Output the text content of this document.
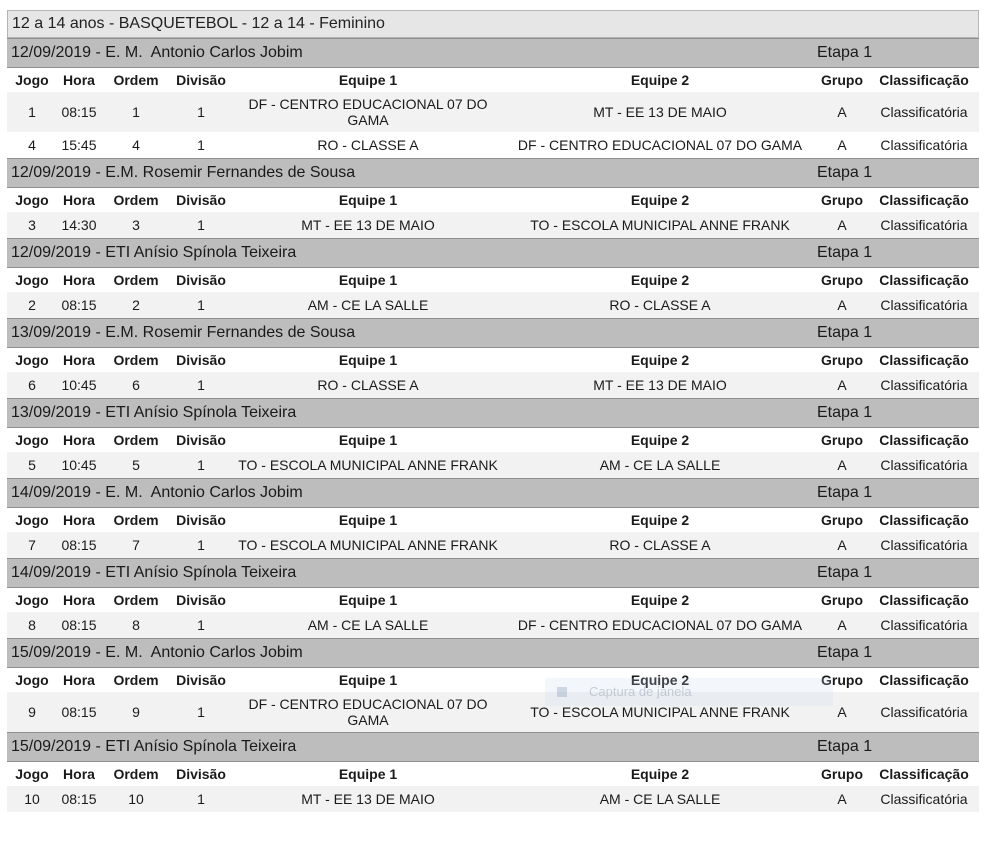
12 a 14 anos - BASQUETEBOL - 12 a 14 - Feminino
12/09/2019 - E. M.  Antonio Carlos Jobim	Etapa 1
Jogo	Hora	Ordem	Divisão	Equipe 1	Equipe 2	Grupo	Classificação
1	08:15	1	1	DF - CENTRO EDUCACIONAL 07 DO GAMA	MT - EE 13 DE MAIO	A	Classificatória
4	15:45	4	1	RO - CLASSE A	DF - CENTRO EDUCACIONAL 07 DO GAMA	A	Classificatória
12/09/2019 - E.M. Rosemir Fernandes de Sousa	Etapa 1
Jogo	Hora	Ordem	Divisão	Equipe 1	Equipe 2	Grupo	Classificação
3	14:30	3	1	MT - EE 13 DE MAIO	TO - ESCOLA MUNICIPAL ANNE FRANK	A	Classificatória
12/09/2019 - ETI Anísio Spínola Teixeira	Etapa 1
Jogo	Hora	Ordem	Divisão	Equipe 1	Equipe 2	Grupo	Classificação
2	08:15	2	1	AM - CE LA SALLE	RO - CLASSE A	A	Classificatória
13/09/2019 - E.M. Rosemir Fernandes de Sousa	Etapa 1
Jogo	Hora	Ordem	Divisão	Equipe 1	Equipe 2	Grupo	Classificação
6	10:45	6	1	RO - CLASSE A	MT - EE 13 DE MAIO	A	Classificatória
13/09/2019 - ETI Anísio Spínola Teixeira	Etapa 1
Jogo	Hora	Ordem	Divisão	Equipe 1	Equipe 2	Grupo	Classificação
5	10:45	5	1	TO - ESCOLA MUNICIPAL ANNE FRANK	AM - CE LA SALLE	A	Classificatória
14/09/2019 - E. M.  Antonio Carlos Jobim	Etapa 1
Jogo	Hora	Ordem	Divisão	Equipe 1	Equipe 2	Grupo	Classificação
7	08:15	7	1	TO - ESCOLA MUNICIPAL ANNE FRANK	RO - CLASSE A	A	Classificatória
14/09/2019 - ETI Anísio Spínola Teixeira	Etapa 1
Jogo	Hora	Ordem	Divisão	Equipe 1	Equipe 2	Grupo	Classificação
8	08:15	8	1	AM - CE LA SALLE	DF - CENTRO EDUCACIONAL 07 DO GAMA	A	Classificatória
15/09/2019 - E. M.  Antonio Carlos Jobim	Etapa 1
Jogo	Hora	Ordem	Divisão	Equipe 1	Equipe 2	Grupo	Classificação
9	08:15	9	1	DF - CENTRO EDUCACIONAL 07 DO GAMA	TO - ESCOLA MUNICIPAL ANNE FRANK	A	Classificatória
15/09/2019 - ETI Anísio Spínola Teixeira	Etapa 1
Jogo	Hora	Ordem	Divisão	Equipe 1	Equipe 2	Grupo	Classificação
10	08:15	10	1	MT - EE 13 DE MAIO	AM - CE LA SALLE	A	Classificatória
Captura de janela
